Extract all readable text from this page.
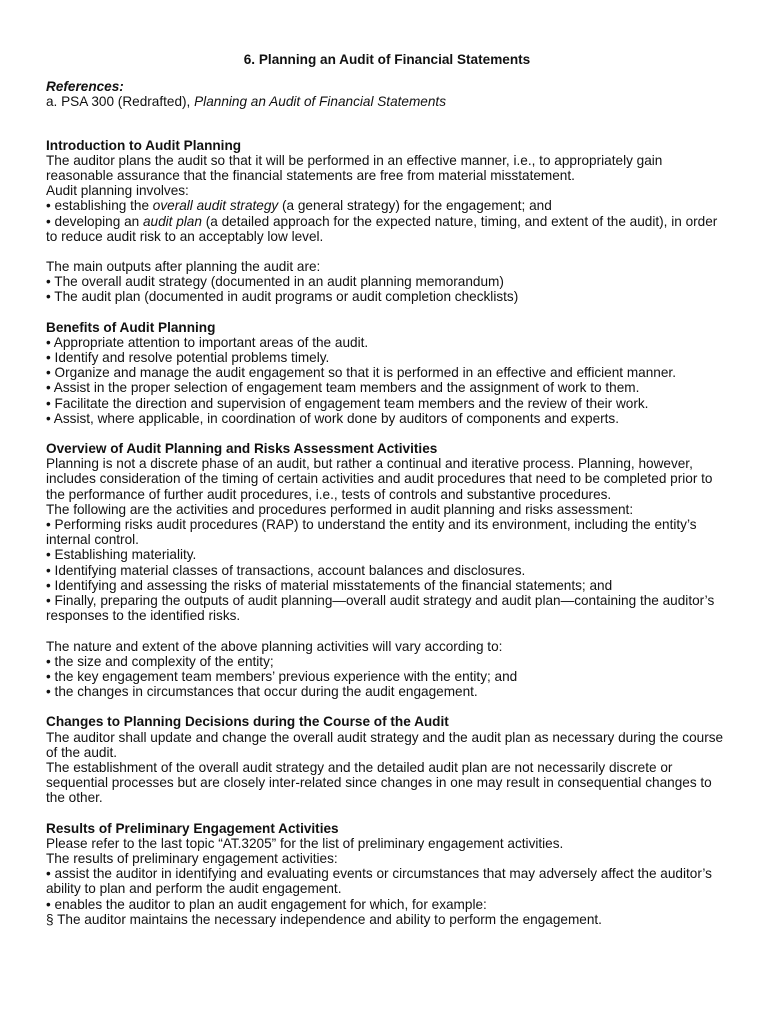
6. Planning an Audit of Financial Statements
References:
a. PSA 300 (Redrafted), Planning an Audit of Financial Statements
Introduction to Audit Planning
The auditor plans the audit so that it will be performed in an effective manner, i.e., to appropriately gain reasonable assurance that the financial statements are free from material misstatement.
Audit planning involves:
• establishing the overall audit strategy (a general strategy) for the engagement; and
• developing an audit plan (a detailed approach for the expected nature, timing, and extent of the audit), in order to reduce audit risk to an acceptably low level.
The main outputs after planning the audit are:
• The overall audit strategy (documented in an audit planning memorandum)
• The audit plan (documented in audit programs or audit completion checklists)
Benefits of Audit Planning
• Appropriate attention to important areas of the audit.
• Identify and resolve potential problems timely.
• Organize and manage the audit engagement so that it is performed in an effective and efficient manner.
• Assist in the proper selection of engagement team members and the assignment of work to them.
• Facilitate the direction and supervision of engagement team members and the review of their work.
• Assist, where applicable, in coordination of work done by auditors of components and experts.
Overview of Audit Planning and Risks Assessment Activities
Planning is not a discrete phase of an audit, but rather a continual and iterative process. Planning, however, includes consideration of the timing of certain activities and audit procedures that need to be completed prior to the performance of further audit procedures, i.e., tests of controls and substantive procedures.
The following are the activities and procedures performed in audit planning and risks assessment:
• Performing risks audit procedures (RAP) to understand the entity and its environment, including the entity’s internal control.
• Establishing materiality.
• Identifying material classes of transactions, account balances and disclosures.
• Identifying and assessing the risks of material misstatements of the financial statements; and
• Finally, preparing the outputs of audit planning—overall audit strategy and audit plan—containing the auditor’s responses to the identified risks.
The nature and extent of the above planning activities will vary according to:
• the size and complexity of the entity;
• the key engagement team members’ previous experience with the entity; and
• the changes in circumstances that occur during the audit engagement.
Changes to Planning Decisions during the Course of the Audit
The auditor shall update and change the overall audit strategy and the audit plan as necessary during the course of the audit.
The establishment of the overall audit strategy and the detailed audit plan are not necessarily discrete or sequential processes but are closely inter-related since changes in one may result in consequential changes to the other.
Results of Preliminary Engagement Activities
Please refer to the last topic “AT.3205” for the list of preliminary engagement activities.
The results of preliminary engagement activities:
• assist the auditor in identifying and evaluating events or circumstances that may adversely affect the auditor’s ability to plan and perform the audit engagement.
• enables the auditor to plan an audit engagement for which, for example:
§ The auditor maintains the necessary independence and ability to perform the engagement.
